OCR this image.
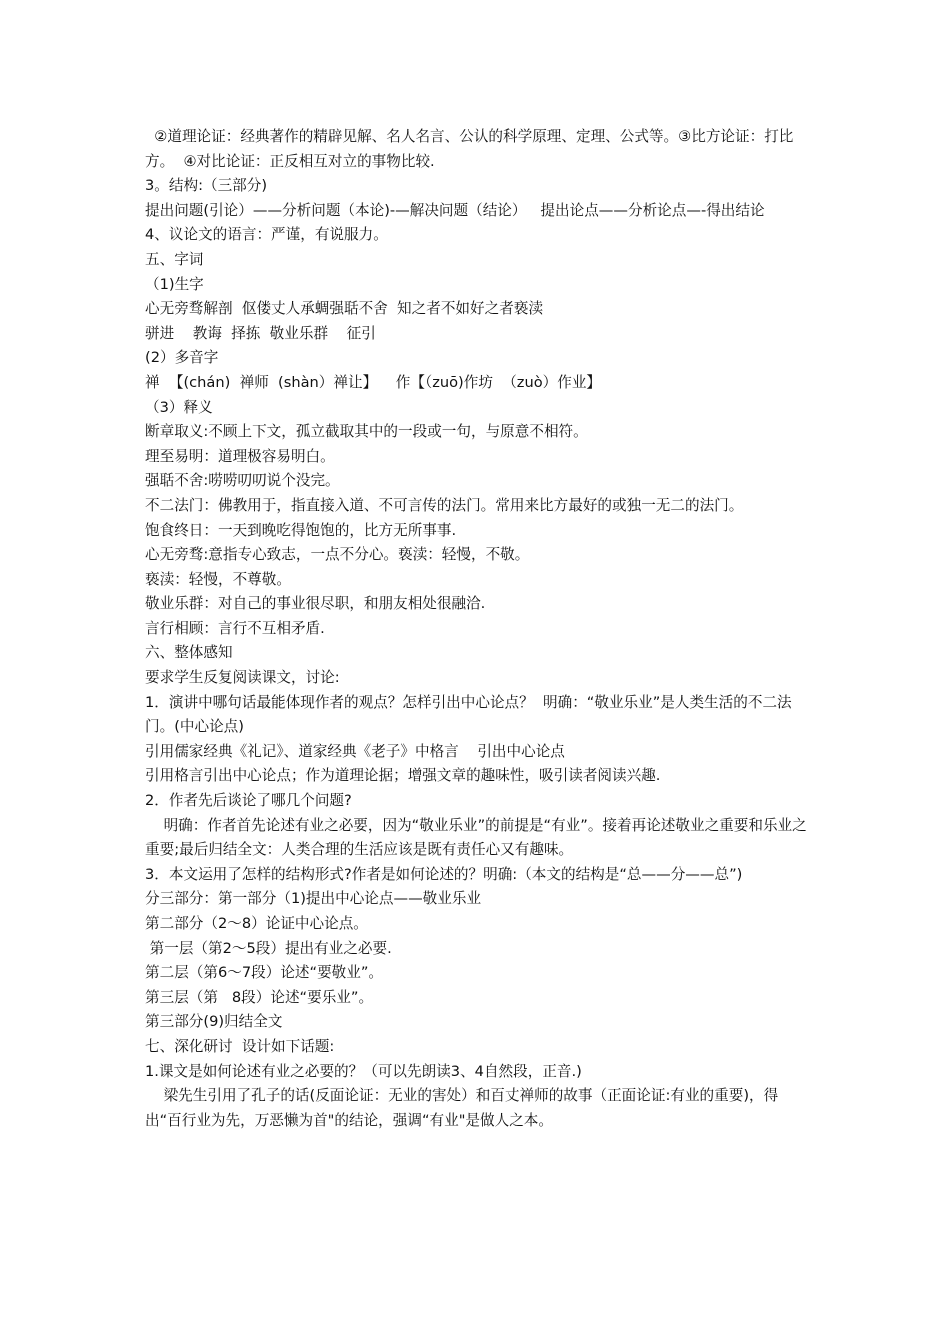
②道理论证：经典著作的精辟见解、名人名言、公认的科学原理、定理、公式等。③比方论证：打比方。  ④对比论证：正反相互对立的事物比较.

3。结构:（三部分)

提出问题(引论）——分析问题（本论)-—解决问题（结论）   提出论点——分析论点—-得出结论

4、议论文的语言：严谨，有说服力。

五、字词

（1)生字

心无旁骛解剖  伛偻丈人承蜩强聒不舍  知之者不如好之者亵渎

骈进    教诲  择拣  敬业乐群    征引

(2）多音字

禅  【(chán)  禅师  (shàn）禅让】    作【（zuō)作坊  （zuò）作业】

（3）释义

断章取义:不顾上下文，孤立截取其中的一段或一句，与原意不相符。

理至易明：道理极容易明白。

强聒不舍:唠唠叨叨说个没完。

不二法门：佛教用于，指直接入道、不可言传的法门。常用来比方最好的或独一无二的法门。

饱食终日：一天到晚吃得饱饱的，比方无所事事.

心无旁骛:意指专心致志，一点不分心。亵渎：轻慢，不敬。

亵渎：轻慢，不尊敬。

敬业乐群：对自己的事业很尽职，和朋友相处很融洽.

言行相顾：言行不互相矛盾.

六、整体感知

要求学生反复阅读课文，讨论:

1．演讲中哪句话最能体现作者的观点？怎样引出中心论点？  明确：“敬业乐业”是人类生活的不二法门。(中心论点)

引用儒家经典《礼记》、道家经典《老子》中格言    引出中心论点

引用格言引出中心论点；作为道理论据；增强文章的趣味性，吸引读者阅读兴趣.

2．作者先后谈论了哪几个问题?

明确：作者首先论述有业之必要，因为“敬业乐业”的前提是“有业”。接着再论述敬业之重要和乐业之重要;最后归结全文：人类合理的生活应该是既有责任心又有趣味。

3．本文运用了怎样的结构形式?作者是如何论述的？明确:（本文的结构是“总——分——总”)

分三部分：第一部分（1)提出中心论点——敬业乐业

第二部分（2～8）论证中心论点。

第一层（第2～5段）提出有业之必要.

第二层（第6～7段）论述“要敬业”。

第三层（第   8段）论述“要乐业”。

第三部分(9)归结全文

七、深化研讨  设计如下话题:

1.课文是如何论述有业之必要的？（可以先朗读3、4自然段，正音.)

梁先生引用了孔子的话(反面论证：无业的害处）和百丈禅师的故事（正面论证:有业的重要)，得出“百行业为先，万恶懒为首"的结论，强调“有业"是做人之本。
